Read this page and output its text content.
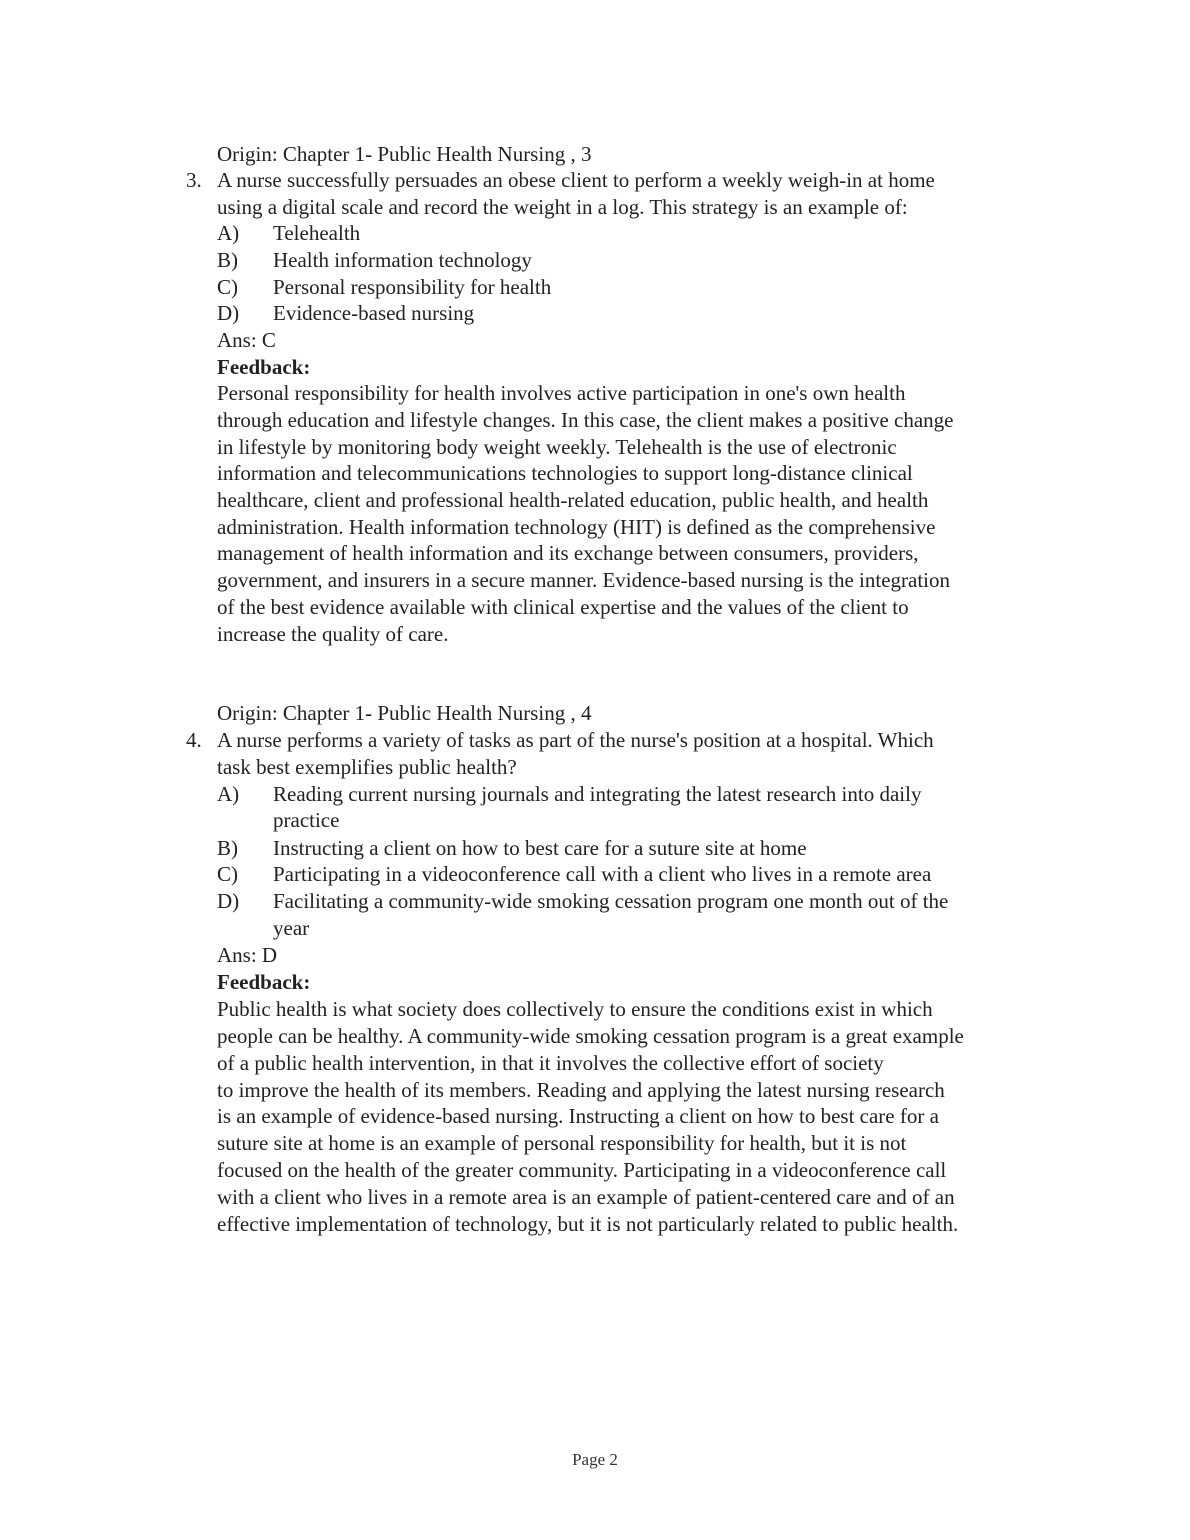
Origin: Chapter 1- Public Health Nursing , 3
3. A nurse successfully persuades an obese client to perform a weekly weigh-in at home
using a digital scale and record the weight in a log. This strategy is an example of:
A) Telehealth
B) Health information technology
C) Personal responsibility for health
D) Evidence-based nursing
Ans: C
Feedback:
Personal responsibility for health involves active participation in one's own health
through education and lifestyle changes. In this case, the client makes a positive change
in lifestyle by monitoring body weight weekly. Telehealth is the use of electronic
information and telecommunications technologies to support long-distance clinical
healthcare, client and professional health-related education, public health, and health
administration. Health information technology (HIT) is defined as the comprehensive
management of health information and its exchange between consumers, providers,
government, and insurers in a secure manner. Evidence-based nursing is the integration
of the best evidence available with clinical expertise and the values of the client to
increase the quality of care.
Origin: Chapter 1- Public Health Nursing , 4
4. A nurse performs a variety of tasks as part of the nurse's position at a hospital. Which
task best exemplifies public health?
A) Reading current nursing journals and integrating the latest research into daily
practice
B) Instructing a client on how to best care for a suture site at home
C) Participating in a videoconference call with a client who lives in a remote area
D) Facilitating a community-wide smoking cessation program one month out of the
year
Ans: D
Feedback:
Public health is what society does collectively to ensure the conditions exist in which
people can be healthy. A community-wide smoking cessation program is a great example
of a public health intervention, in that it involves the collective effort of society
to improve the health of its members. Reading and applying the latest nursing research
is an example of evidence-based nursing. Instructing a client on how to best care for a
suture site at home is an example of personal responsibility for health, but it is not
focused on the health of the greater community. Participating in a videoconference call
with a client who lives in a remote area is an example of patient-centered care and of an
effective implementation of technology, but it is not particularly related to public health.
Page 2
